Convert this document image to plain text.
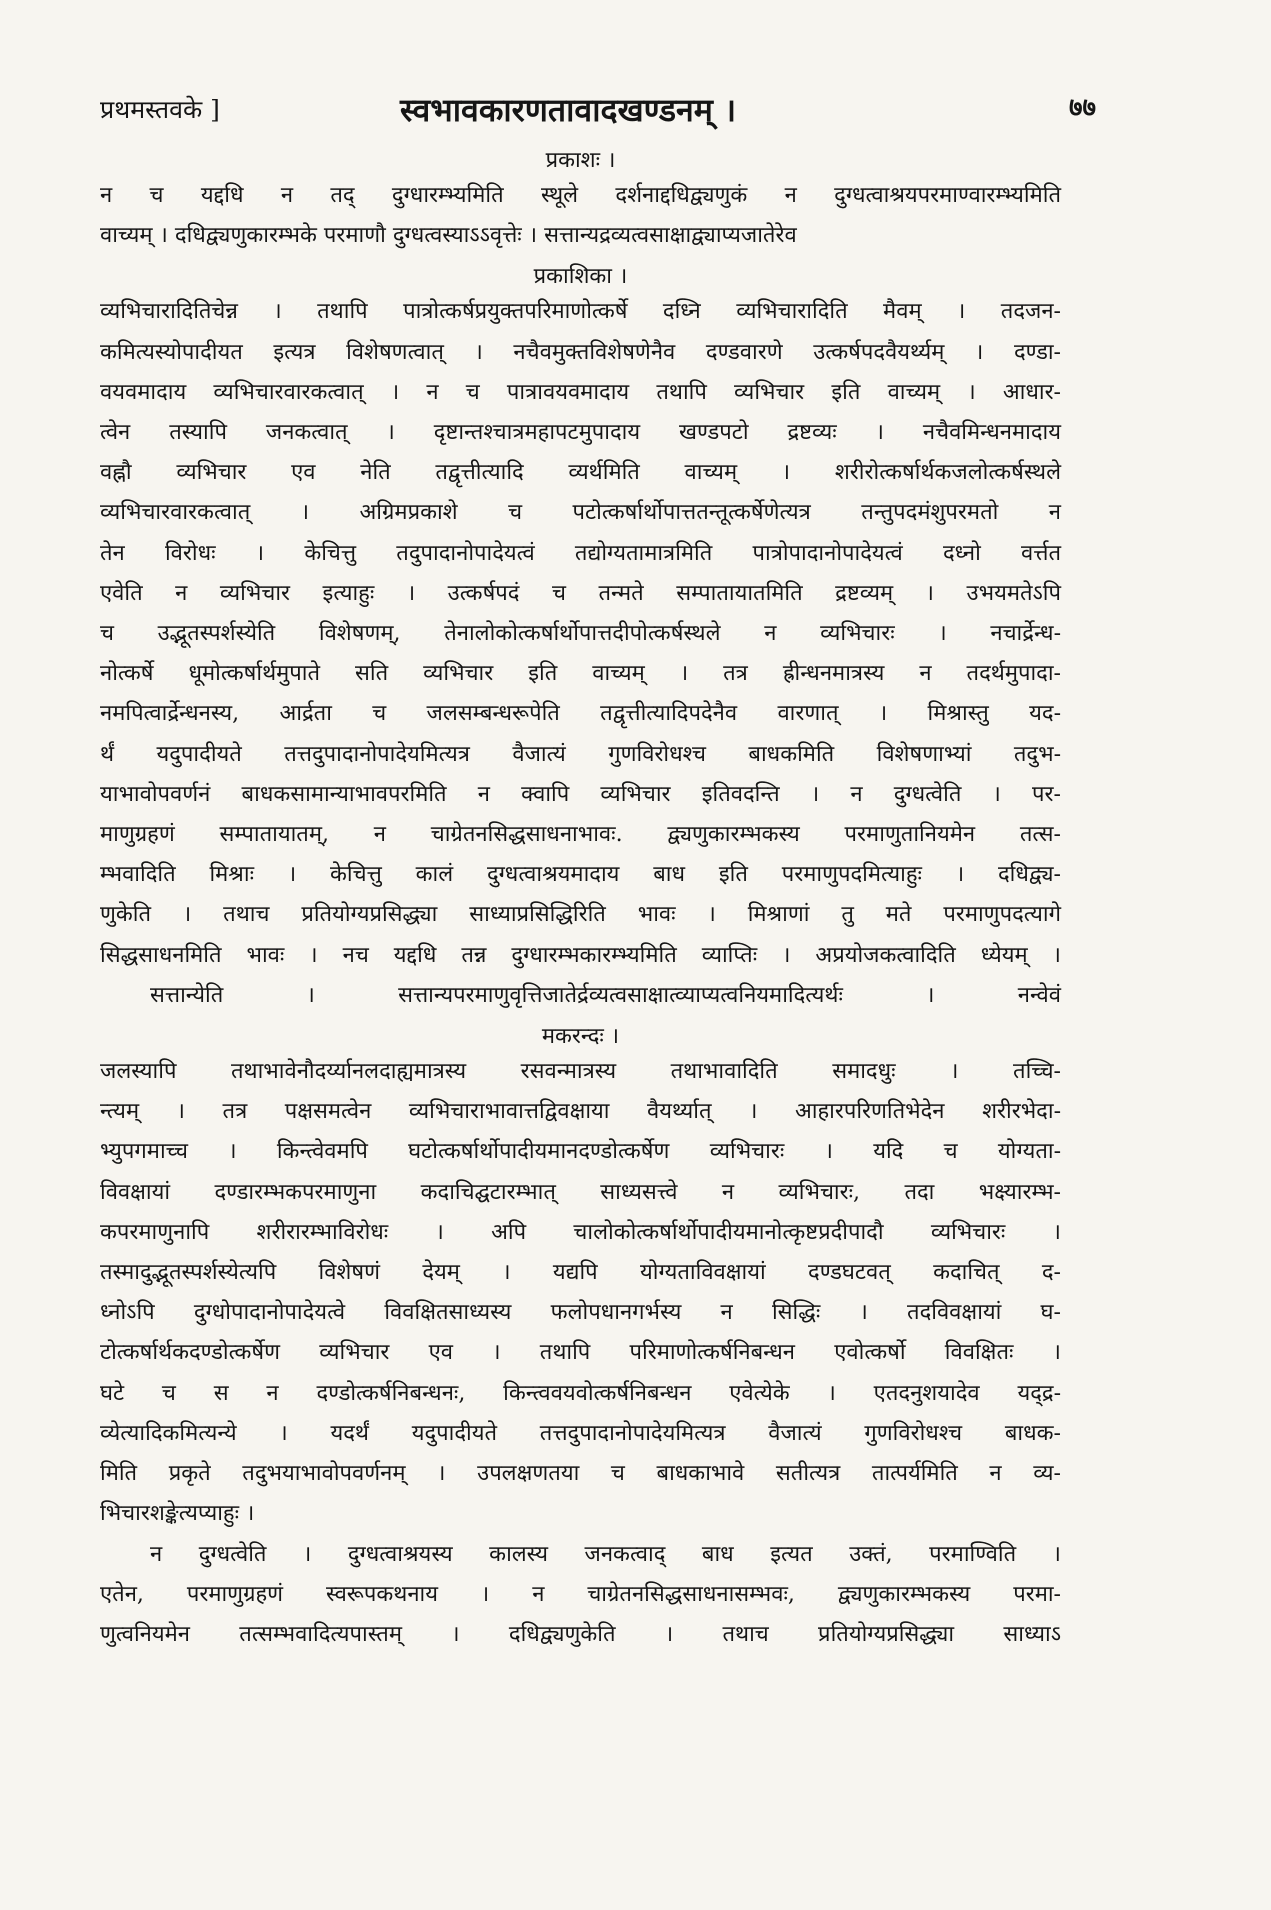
प्रथमस्तवके ]	स्वभावकारणतावादखण्डनम् ।	७७
प्रकाशः ।

न च यद्दधि न तद् दुग्धारम्भ्यमिति स्थूले दर्शनाद्दधिद्व्यणुकं न दुग्धत्वाश्रयपरमाण्वारम्भ्यमिति

वाच्यम् । दधिद्व्यणुकारम्भके परमाणौ दुग्धत्वस्याऽऽवृत्तेः । सत्तान्यद्रव्यत्वसाक्षाद्व्याप्यजातेरेव

प्रकाशिका ।

व्यभिचारादितिचेन्न । तथापि पात्रोत्कर्षप्रयुक्तपरिमाणोत्कर्षे दध्नि व्यभिचारादिति मैवम् । तदजन-

कमित्यस्योपादीयत इत्यत्र विशेषणत्वात् । नचैवमुक्तविशेषणेनैव दण्डवारणे उत्कर्षपदवैयर्थ्यम् । दण्डा-

वयवमादाय व्यभिचारवारकत्वात् । न च पात्रावयवमादाय तथापि व्यभिचार इति वाच्यम् । आधार-

त्वेन तस्यापि जनकत्वात् । दृष्टान्तश्चात्रमहापटमुपादाय खण्डपटो द्रष्टव्यः । नचैवमिन्धनमादाय

वह्नौ व्यभिचार एव नेति तद्वृत्तीत्यादि व्यर्थमिति वाच्यम् । शरीरोत्कर्षार्थकजलोत्कर्षस्थले

व्यभिचारवारकत्वात् । अग्रिमप्रकाशे च पटोत्कर्षार्थोपात्ततन्तूत्कर्षेणेत्यत्र तन्तुपदमंशुपरमतो न

तेन विरोधः । केचित्तु तदुपादानोपादेयत्वं तद्योग्यतामात्रमिति पात्रोपादानोपादेयत्वं दध्नो वर्त्तत

एवेति न व्यभिचार इत्याहुः । उत्कर्षपदं च तन्मते सम्पातायातमिति द्रष्टव्यम् । उभयमतेऽपि

च उद्भूतस्पर्शस्येति विशेषणम्, तेनालोकोत्कर्षार्थोपात्तदीपोत्कर्षस्थले न व्यभिचारः । नचार्द्रेन्ध-

नोत्कर्षे धूमोत्कर्षार्थमुपाते सति व्यभिचार इति वाच्यम् । तत्र ह्रीन्धनमात्रस्य न तदर्थमुपादा-

नमपित्वार्द्रेन्धनस्य, आर्द्रता च जलसम्बन्धरूपेति तद्वृत्तीत्यादिपदेनैव वारणात् । मिश्रास्तु यद-

र्थं यदुपादीयते तत्तदुपादानोपादेयमित्यत्र वैजात्यं गुणविरोधश्च बाधकमिति विशेषणाभ्यां तदुभ-

याभावोपवर्णनं बाधकसामान्याभावपरमिति न क्वापि व्यभिचार इतिवदन्ति । न दुग्धत्वेति । पर-

माणुग्रहणं सम्पातायातम्, न चाग्रेतनसिद्धसाधनाभावः. द्व्यणुकारम्भकस्य परमाणुतानियमेन तत्स-

म्भवादिति मिश्राः । केचित्तु कालं दुग्धत्वाश्रयमादाय बाध इति परमाणुपदमित्याहुः । दधिद्व्य-

णुकेति । तथाच प्रतियोग्यप्रसिद्ध्या साध्याप्रसिद्धिरिति भावः । मिश्राणां तु मते परमाणुपदत्यागे

सिद्धसाधनमिति भावः । नच यद्दधि तन्न दुग्धारम्भकारम्भ्यमिति व्याप्तिः । अप्रयोजकत्वादिति ध्येयम् ।

सत्तान्येति । सत्तान्यपरमाणुवृत्तिजातेर्द्रव्यत्वसाक्षात्व्याप्यत्वनियमादित्यर्थः । नन्वेवं

मकरन्दः ।

जलस्यापि तथाभावेनौदर्य्यानलदाह्यमात्रस्य रसवन्मात्रस्य तथाभावादिति समादधुः । तच्चि-

न्त्यम् । तत्र पक्षसमत्वेन व्यभिचाराभावात्तद्विवक्षाया वैयर्थ्यात् । आहारपरिणतिभेदेन शरीरभेदा-

भ्युपगमाच्च । किन्त्वेवमपि घटोत्कर्षार्थोपादीयमानदण्डोत्कर्षेण व्यभिचारः । यदि च योग्यता-

विवक्षायां दण्डारम्भकपरमाणुना कदाचिद्घटारम्भात् साध्यसत्त्वे न व्यभिचारः, तदा भक्ष्यारम्भ-

कपरमाणुनापि शरीरारम्भाविरोधः । अपि चालोकोत्कर्षार्थोपादीयमानोत्कृष्टप्रदीपादौ व्यभिचारः ।

तस्मादुद्भूतस्पर्शस्येत्यपि विशेषणं देयम् । यद्यपि योग्यताविवक्षायां दण्डघटवत् कदाचित् द-

ध्नोऽपि दुग्धोपादानोपादेयत्वे विवक्षितसाध्यस्य फलोपधानगर्भस्य न सिद्धिः । तदविवक्षायां घ-

टोत्कर्षार्थकदण्डोत्कर्षेण व्यभिचार एव । तथापि परिमाणोत्कर्षनिबन्धन एवोत्कर्षो विवक्षितः ।

घटे च स न दण्डोत्कर्षनिबन्धनः, किन्त्ववयवोत्कर्षनिबन्धन एवेत्येके । एतदनुशयादेव यद्द्र-

व्येत्यादिकमित्यन्ये । यदर्थं यदुपादीयते तत्तदुपादानोपादेयमित्यत्र वैजात्यं गुणविरोधश्च बाधक-

मिति प्रकृते तदुभयाभावोपवर्णनम् । उपलक्षणतया च बाधकाभावे सतीत्यत्र तात्पर्यमिति न व्य-

भिचारशङ्केत्यप्याहुः ।

न दुग्धत्वेति । दुग्धत्वाश्रयस्य कालस्य जनकत्वाद् बाध इत्यत उक्तं, परमाण्विति ।

एतेन, परमाणुग्रहणं स्वरूपकथनाय । न चाग्रेतनसिद्धसाधनासम्भवः, द्व्यणुकारम्भकस्य परमा-

णुत्वनियमेन तत्सम्भवादित्यपास्तम् । दधिद्व्यणुकेति । तथाच प्रतियोग्यप्रसिद्ध्या साध्याऽ
